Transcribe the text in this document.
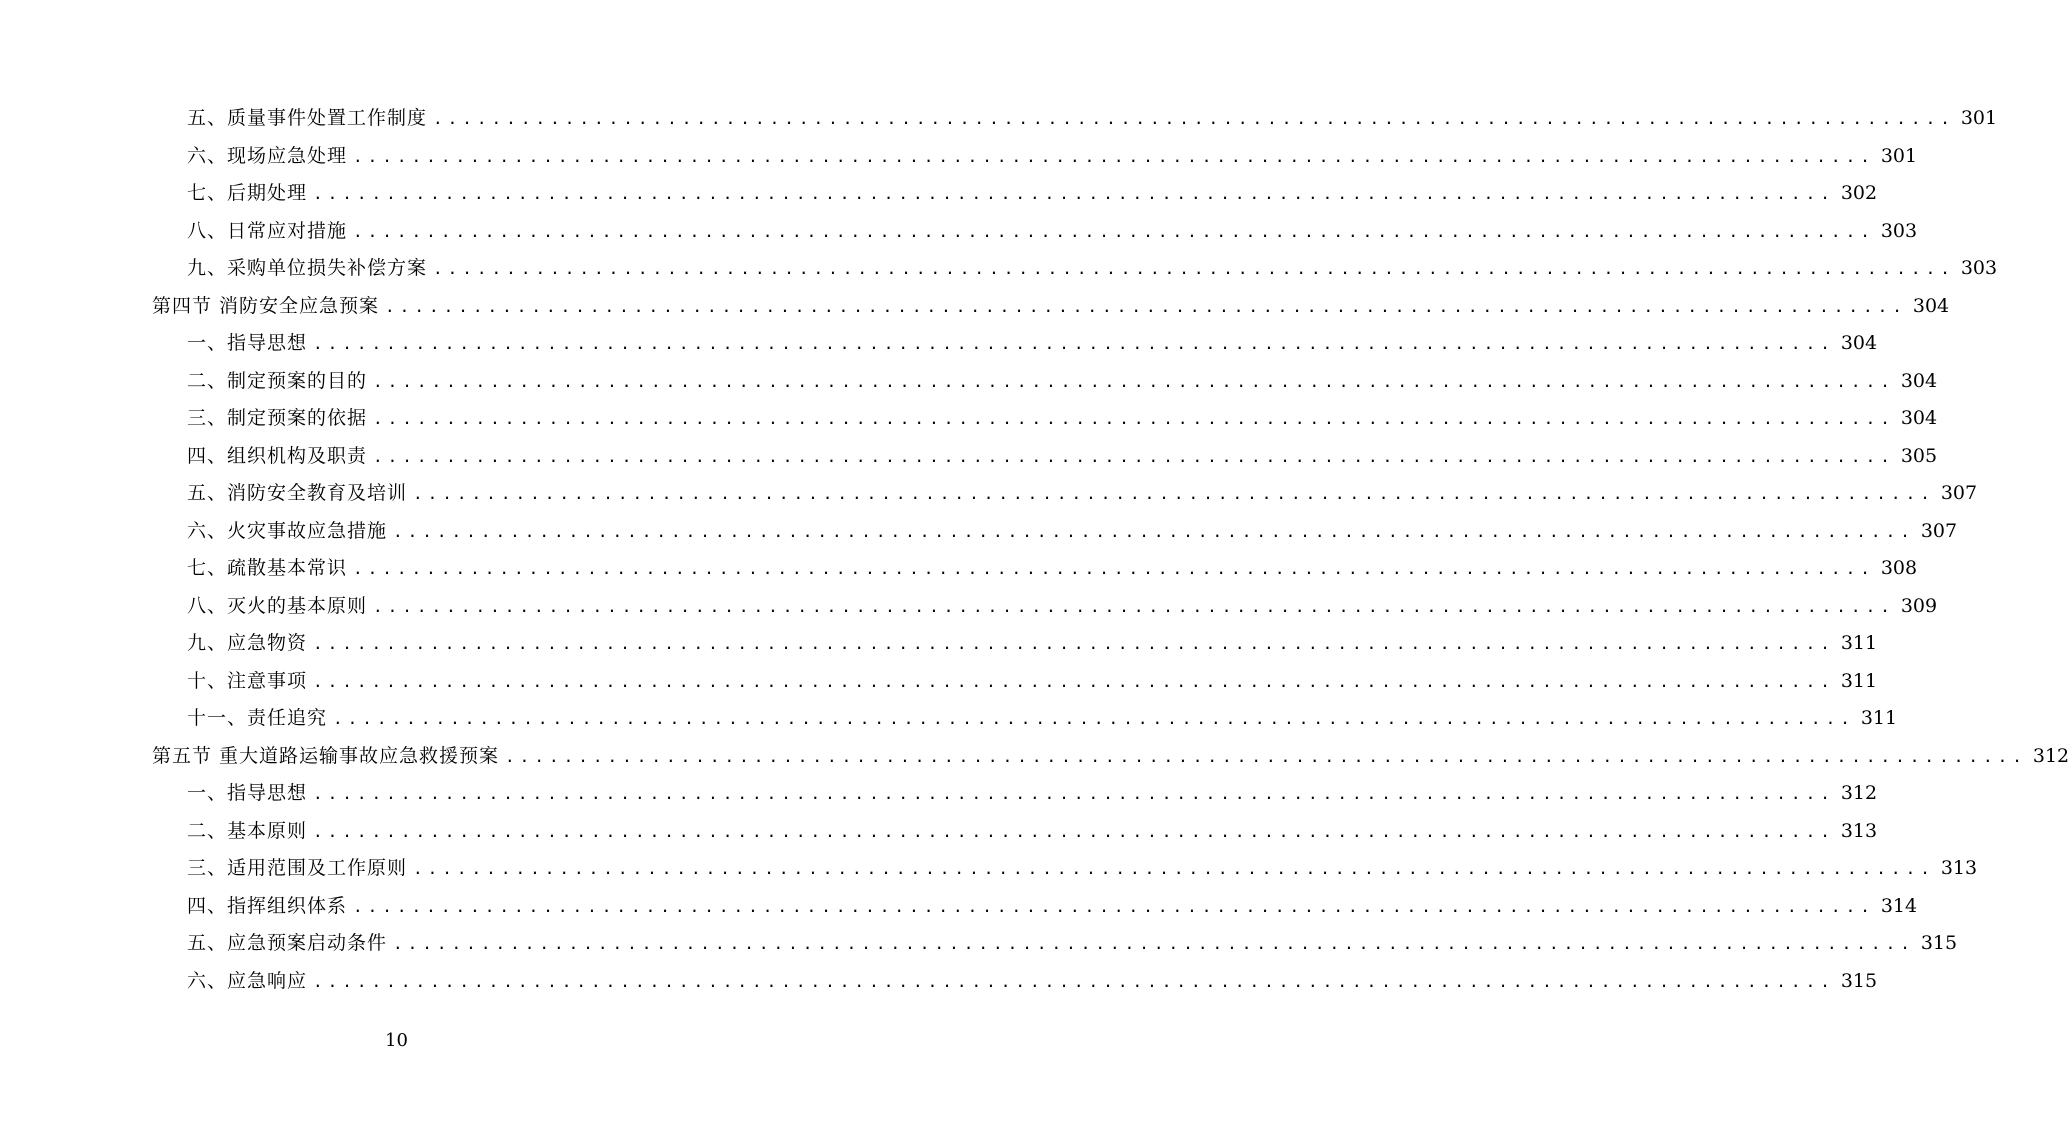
五、质量事件处置工作制度 ........................................................................................................ 301
六、现场应急处理 ........................................................................................................ 301
七、后期处理 ........................................................................................................ 302
八、日常应对措施 ........................................................................................................ 303
九、采购单位损失补偿方案 ........................................................................................................ 303
第四节 消防安全应急预案 ........................................................................................................ 304
一、指导思想 ........................................................................................................ 304
二、制定预案的目的 ........................................................................................................ 304
三、制定预案的依据 ........................................................................................................ 304
四、组织机构及职责 ........................................................................................................ 305
五、消防安全教育及培训 ........................................................................................................ 307
六、火灾事故应急措施 ........................................................................................................ 307
七、疏散基本常识 ........................................................................................................ 308
八、灭火的基本原则 ........................................................................................................ 309
九、应急物资 ........................................................................................................ 311
十、注意事项 ........................................................................................................ 311
十一、责任追究 ........................................................................................................ 311
第五节 重大道路运输事故应急救援预案 ........................................................................................................ 312
一、指导思想 ........................................................................................................ 312
二、基本原则 ........................................................................................................ 313
三、适用范围及工作原则 ........................................................................................................ 313
四、指挥组织体系 ........................................................................................................ 314
五、应急预案启动条件 ........................................................................................................ 315
六、应急响应 ........................................................................................................ 315
10
